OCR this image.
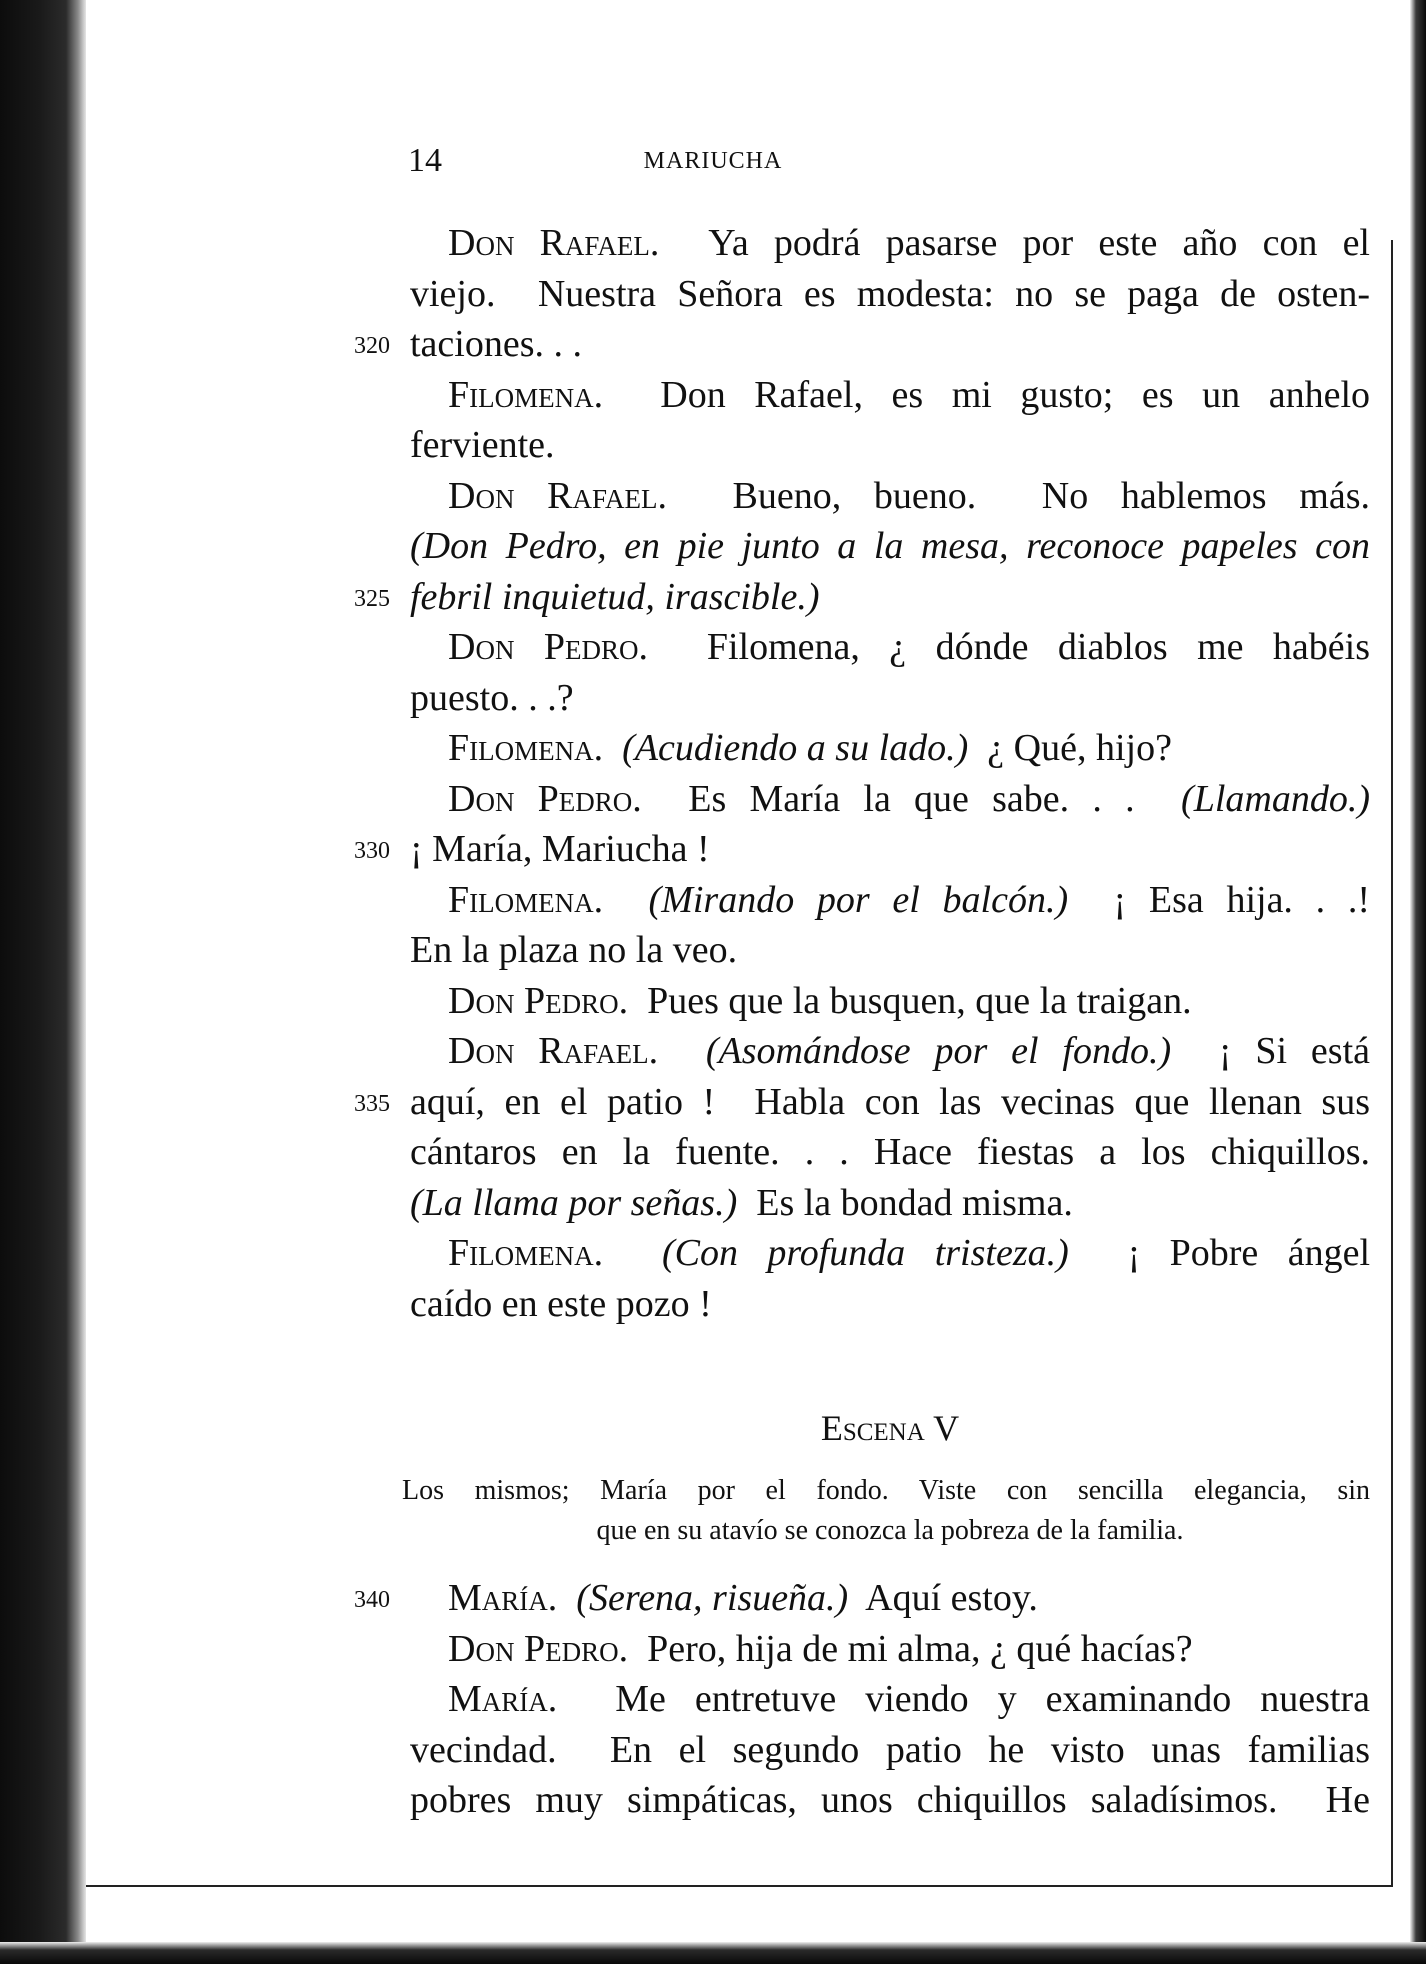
14	MARIUCHA
Don Rafael.  Ya podrá pasarse por este año con el
viejo.  Nuestra Señora es modesta: no se paga de osten-
320 taciones. . .
Filomena.  Don Rafael, es mi gusto; es un anhelo
ferviente.
Don Rafael.  Bueno, bueno.  No hablemos más.
(Don Pedro, en pie junto a la mesa, reconoce papeles con
325 febril inquietud, irascible.)
Don Pedro.  Filomena, ¿ dónde diablos me habéis
puesto. . .?
Filomena. (Acudiendo a su lado.)  ¿ Qué, hijo?
Don Pedro.  Es María la que sabe. . .  (Llamando.)
330 ¡ María, Mariucha !
Filomena. (Mirando por el balcón.)  ¡ Esa hija. . .!
En la plaza no la veo.
Don Pedro.  Pues que la busquen, que la traigan.
Don Rafael. (Asomándose por el fondo.)  ¡ Si está
335 aquí, en el patio !  Habla con las vecinas que llenan sus
cántaros en la fuente. . . Hace fiestas a los chiquillos.
(La llama por señas.)  Es la bondad misma.
Filomena. (Con profunda tristeza.)  ¡ Pobre ángel
caído en este pozo !
Escena V
Los mismos; María por el fondo. Viste con sencilla elegancia, sin
que en su atavío se conozca la pobreza de la familia.
340	María. (Serena, risueña.)  Aquí estoy.
Don Pedro.  Pero, hija de mi alma, ¿ qué hacías?
María.  Me entretuve viendo y examinando nuestra
vecindad.  En el segundo patio he visto unas familias
pobres muy simpáticas, unos chiquillos saladísimos.  He
